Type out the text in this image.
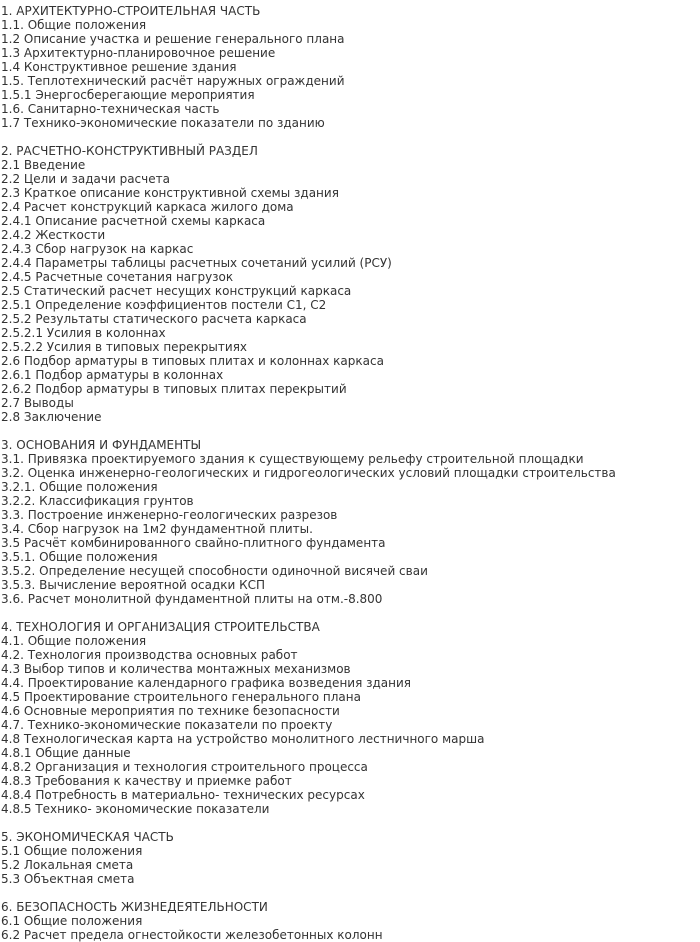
1. АРХИТЕКТУРНО-СТРОИТЕЛЬНАЯ ЧАСТЬ
1.1. Общие положения
1.2 Описание участка и решение генерального плана
1.3 Архитектурно-планировочное решение
1.4 Конструктивное решение здания
1.5. Теплотехнический расчёт наружных ограждений
1.5.1 Энергосберегающие мероприятия
1.6. Санитарно-техническая часть
1.7 Технико-экономические показатели по зданию
2. РАСЧЕТНО-КОНСТРУКТИВНЫЙ РАЗДЕЛ
2.1 Введение
2.2 Цели и задачи расчета
2.3 Краткое описание конструктивной схемы здания
2.4 Расчет конструкций каркаса жилого дома
2.4.1 Описание расчетной схемы каркаса
2.4.2 Жесткости
2.4.3 Сбор нагрузок на каркас
2.4.4 Параметры таблицы расчетных сочетаний усилий (РСУ)
2.4.5 Расчетные сочетания нагрузок
2.5 Статический расчет несущих конструкций каркаса
2.5.1 Определение коэффициентов постели С1, С2
2.5.2 Результаты статического расчета каркаса
2.5.2.1 Усилия в колоннах
2.5.2.2 Усилия в типовых перекрытиях
2.6 Подбор арматуры в типовых плитах и колоннах каркаса
2.6.1 Подбор арматуры в колоннах
2.6.2 Подбор арматуры в типовых плитах перекрытий
2.7 Выводы
2.8 Заключение
3. ОСНОВАНИЯ И ФУНДАМЕНТЫ
3.1. Привязка проектируемого здания к существующему рельефу строительной площадки
3.2. Оценка инженерно-геологических и гидрогеологических условий площадки строительства
3.2.1. Общие положения
3.2.2. Классификация грунтов
3.3. Построение инженерно-геологических разрезов
3.4. Сбор нагрузок на 1м2 фундаментной плиты.
3.5 Расчёт комбинированного свайно-плитного фундамента
3.5.1. Общие положения
3.5.2. Определение несущей способности одиночной висячей сваи
3.5.3. Вычисление вероятной осадки КСП
3.6. Расчет монолитной фундаментной плиты на отм.-8.800
4. ТЕХНОЛОГИЯ И ОРГАНИЗАЦИЯ СТРОИТЕЛЬСТВА
4.1. Общие положения
4.2. Технология производства основных работ
4.3 Выбор типов и количества монтажных механизмов
4.4. Проектирование календарного графика возведения здания
4.5 Проектирование строительного генерального плана
4.6 Основные мероприятия по технике безопасности
4.7. Технико-экономические показатели по проекту
4.8 Технологическая карта на устройство монолитного лестничного марша
4.8.1 Общие данные
4.8.2 Организация и технология строительного процесса
4.8.3 Требования к качеству и приемке работ
4.8.4 Потребность в материально- технических ресурсах
4.8.5 Технико- экономические показатели
5. ЭКОНОМИЧЕСКАЯ ЧАСТЬ
5.1 Общие положения
5.2 Локальная смета
5.3 Объектная смета
6. БЕЗОПАСНОСТЬ ЖИЗНЕДЕЯТЕЛЬНОСТИ
6.1 Общие положения
6.2 Расчет предела огнестойкости железобетонных колонн
